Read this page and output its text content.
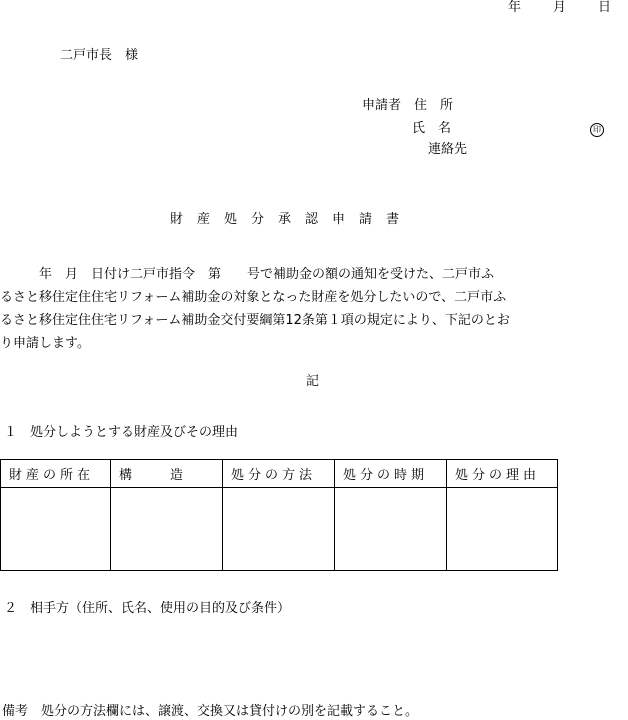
年 月 日
二戸市長　様
申請者　住　所
氏　名	印
連絡先
財産処分承認申請書
　　　年　月　日付け二戸市指令　第　　号で補助金の額の通知を受けた、二戸市ふ
るさと移住定住住宅リフォーム補助金の対象となった財産を処分したいので、二戸市ふ
るさと移住定住住宅リフォーム補助金交付要綱第12条第１項の規定により、下記のとお
り申請します。
記
１　処分しようとする財産及びその理由
財産の所在	構　　造	処分の方法	処分の時期	処分の理由

２　相手方（住所、氏名、使用の目的及び条件）
備考　処分の方法欄には、譲渡、交換又は貸付けの別を記載すること。
